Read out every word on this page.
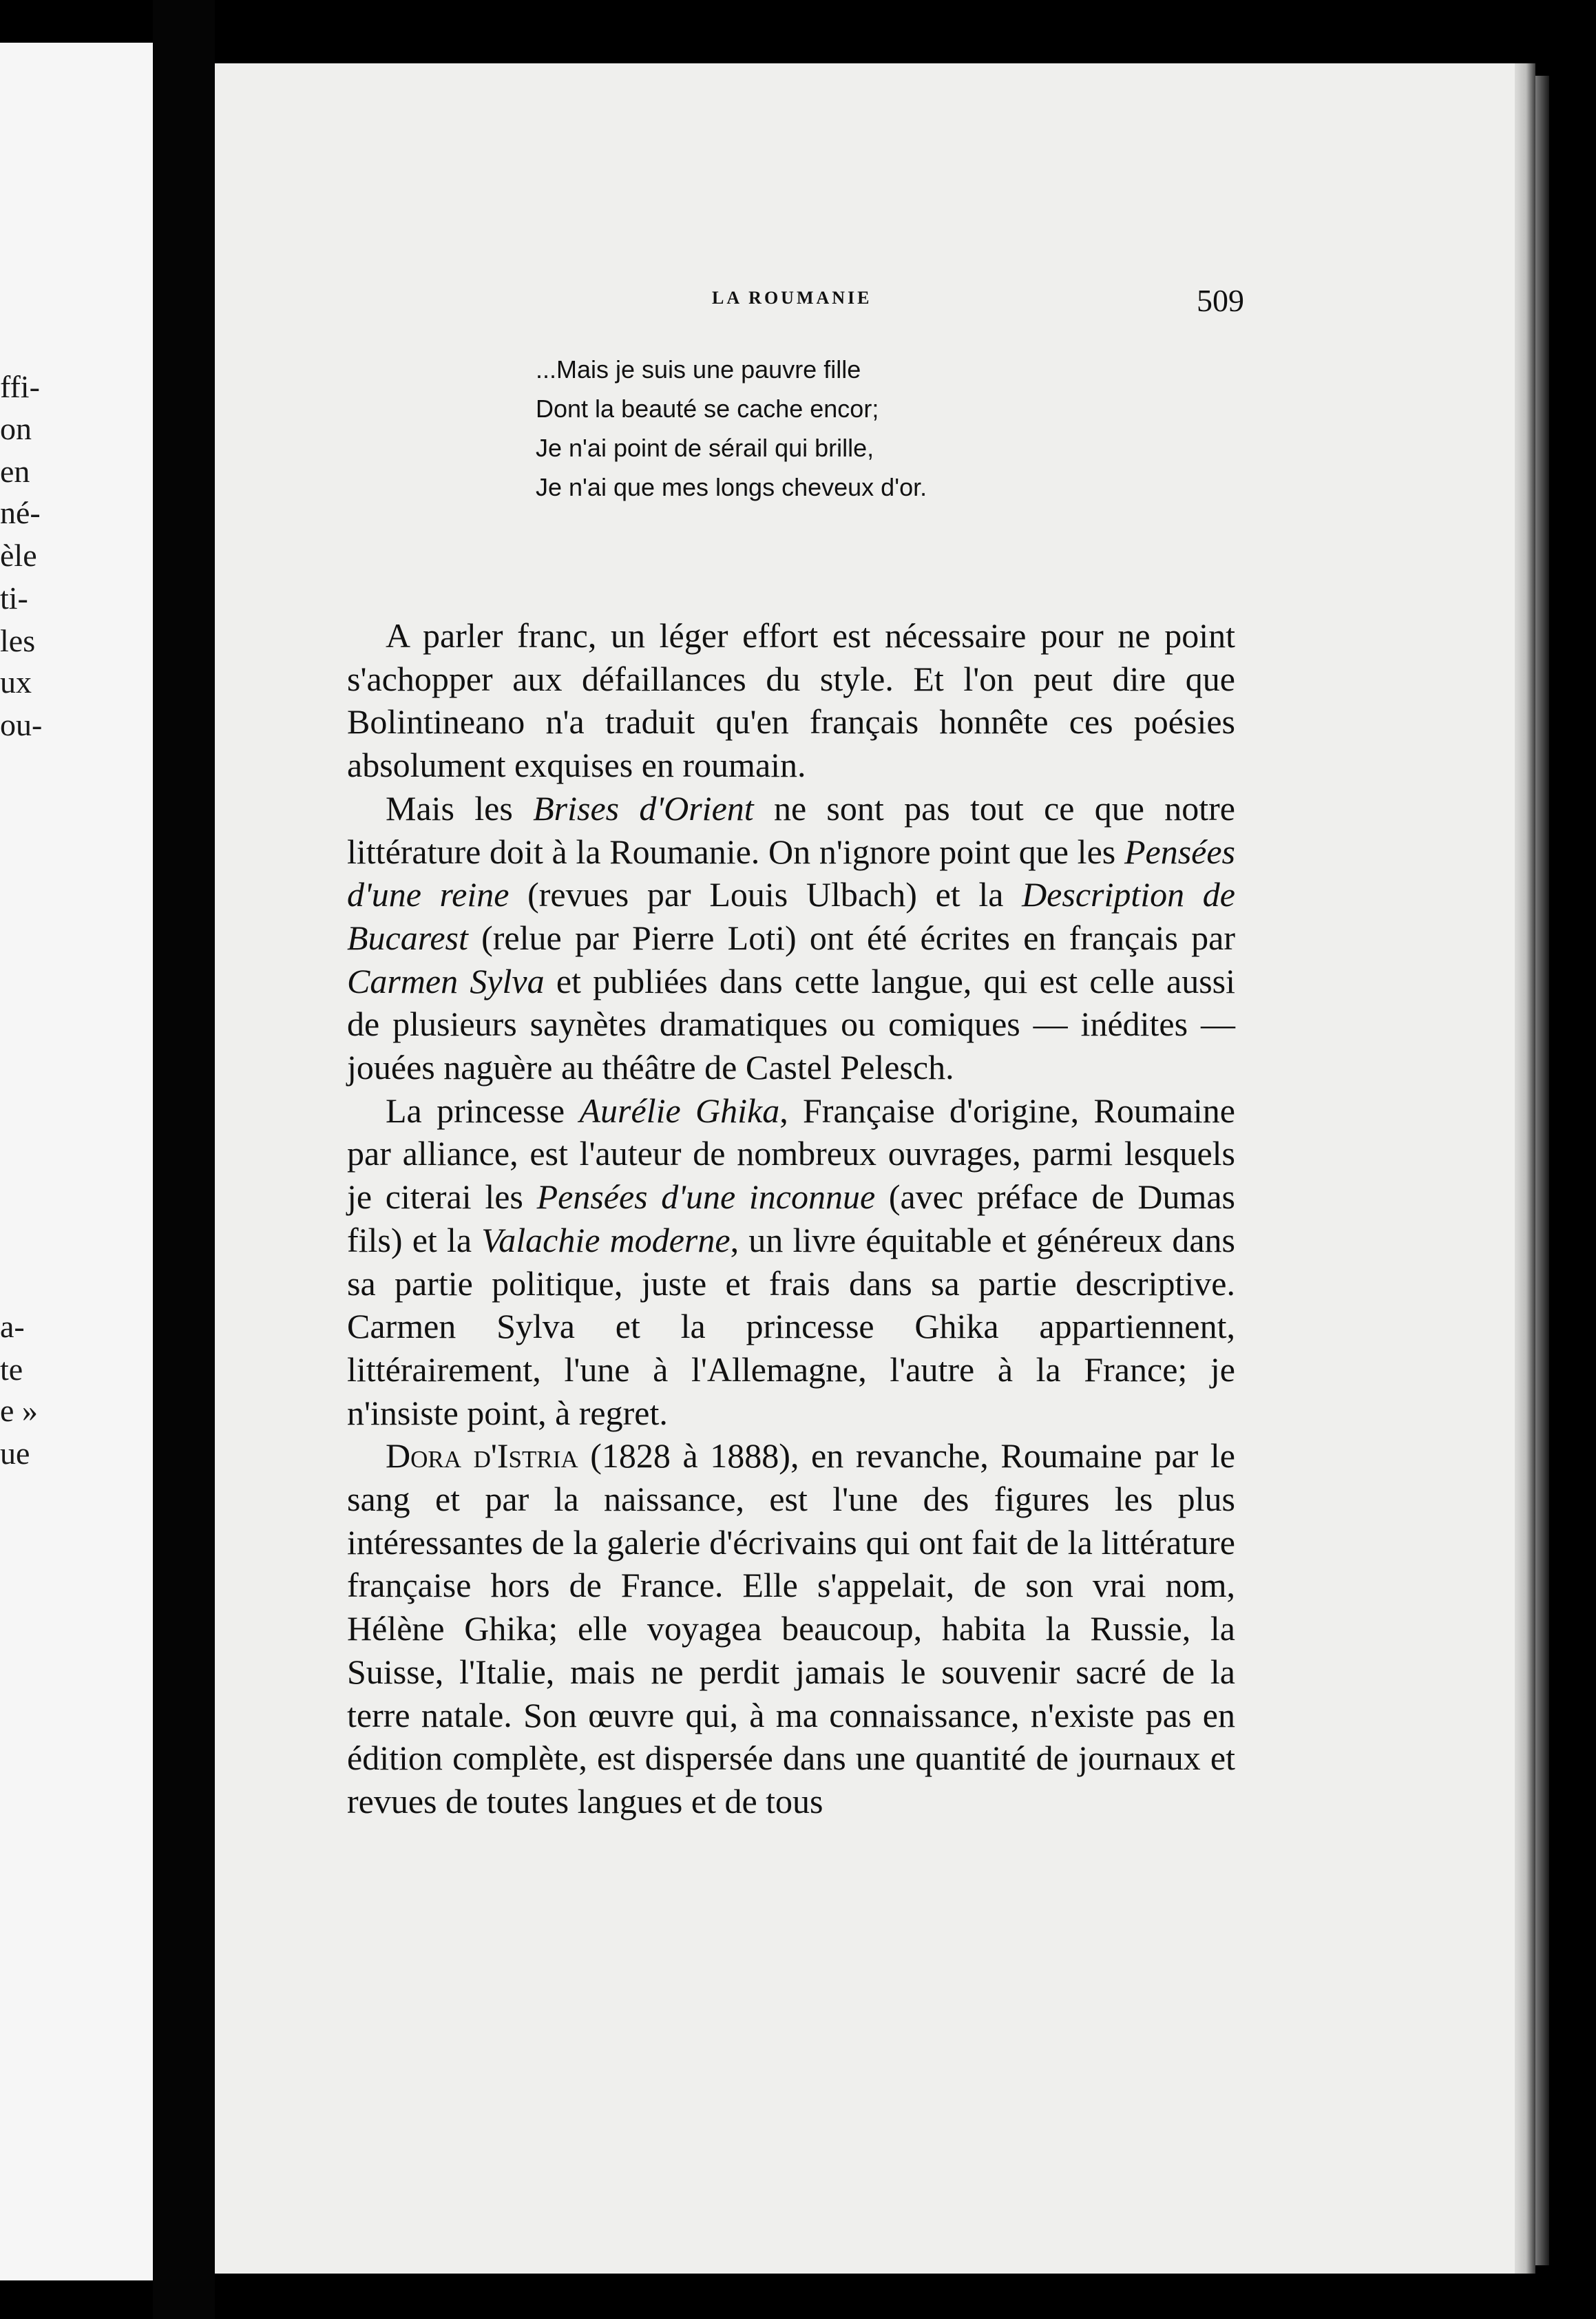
ffi-
on
en
né-
èle
ti-
les
ux
ou-
a-
te
e »
ue
LA ROUMANIE	509
...Mais je suis une pauvre fille
Dont la beauté se cache encor;
Je n'ai point de sérail qui brille,
Je n'ai que mes longs cheveux d'or.

A parler franc, un léger effort est nécessaire pour ne point s'achopper aux défaillances du style. Et l'on peut dire que Bolintineano n'a traduit qu'en français honnête ces poésies absolument exquises en roumain.

Mais les Brises d'Orient ne sont pas tout ce que notre littérature doit à la Roumanie. On n'ignore point que les Pensées d'une reine (revues par Louis Ulbach) et la Description de Bucarest (relue par Pierre Loti) ont été écrites en français par Carmen Sylva et publiées dans cette langue, qui est celle aussi de plusieurs saynètes dramatiques ou comiques — inédites — jouées naguère au théâtre de Castel Pelesch.

La princesse Aurélie Ghika, Française d'origine, Roumaine par alliance, est l'auteur de nombreux ouvrages, parmi lesquels je citerai les Pensées d'une inconnue (avec préface de Dumas fils) et la Valachie moderne, un livre équitable et généreux dans sa partie politique, juste et frais dans sa partie descriptive. Carmen Sylva et la princesse Ghika appartiennent, littérairement, l'une à l'Allemagne, l'autre à la France; je n'insiste point, à regret.

Dora d'Istria (1828 à 1888), en revanche, Roumaine par le sang et par la naissance, est l'une des figures les plus intéressantes de la galerie d'écrivains qui ont fait de la littérature française hors de France. Elle s'appelait, de son vrai nom, Hélène Ghika; elle voyagea beaucoup, habita la Russie, la Suisse, l'Italie, mais ne perdit jamais le souvenir sacré de la terre natale. Son œuvre qui, à ma connaissance, n'existe pas en édition complète, est dispersée dans une quantité de journaux et revues de toutes langues et de tous
